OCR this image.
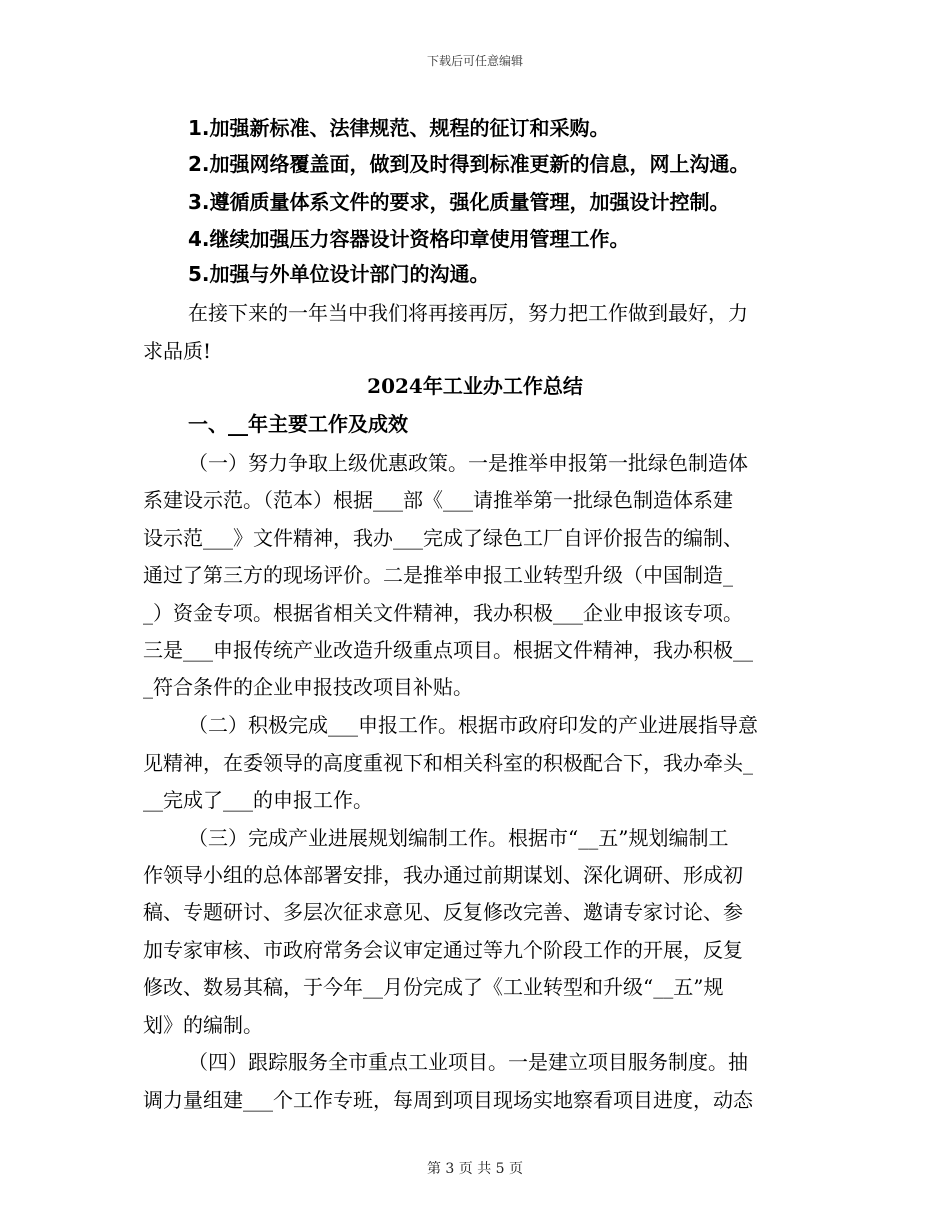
下载后可任意编辑
1.加强新标准、法律规范、规程的征订和采购。
2.加强网络覆盖面，做到及时得到标准更新的信息，网上沟通。
3.遵循质量体系文件的要求，强化质量管理，加强设计控制。
4.继续加强压力容器设计资格印章使用管理工作。
5.加强与外单位设计部门的沟通。
在接下来的一年当中我们将再接再厉，努力把工作做到最好，力
求品质!
2024年工业办工作总结
一、__年主要工作及成效
（一）努力争取上级优惠政策。一是推举申报第一批绿色制造体
系建设示范。（范本）根据___部《___请推举第一批绿色制造体系建
设示范___》文件精神，我办___完成了绿色工厂自评价报告的编制、
通过了第三方的现场评价。二是推举申报工业转型升级（中国制造_
_）资金专项。根据省相关文件精神，我办积极___企业申报该专项。
三是___申报传统产业改造升级重点项目。根据文件精神，我办积极__
_符合条件的企业申报技改项目补贴。
（二）积极完成___申报工作。根据市政府印发的产业进展指导意
见精神，在委领导的高度重视下和相关科室的积极配合下，我办牵头_
__完成了___的申报工作。
（三）完成产业进展规划编制工作。根据市“__五”规划编制工
作领导小组的总体部署安排，我办通过前期谋划、深化调研、形成初
稿、专题研讨、多层次征求意见、反复修改完善、邀请专家讨论、参
加专家审核、市政府常务会议审定通过等九个阶段工作的开展，反复
修改、数易其稿，于今年__月份完成了《工业转型和升级“__五”规
划》的编制。
（四）跟踪服务全市重点工业项目。一是建立项目服务制度。抽
调力量组建___个工作专班，每周到项目现场实地察看项目进度，动态
第 3 页 共 5 页
